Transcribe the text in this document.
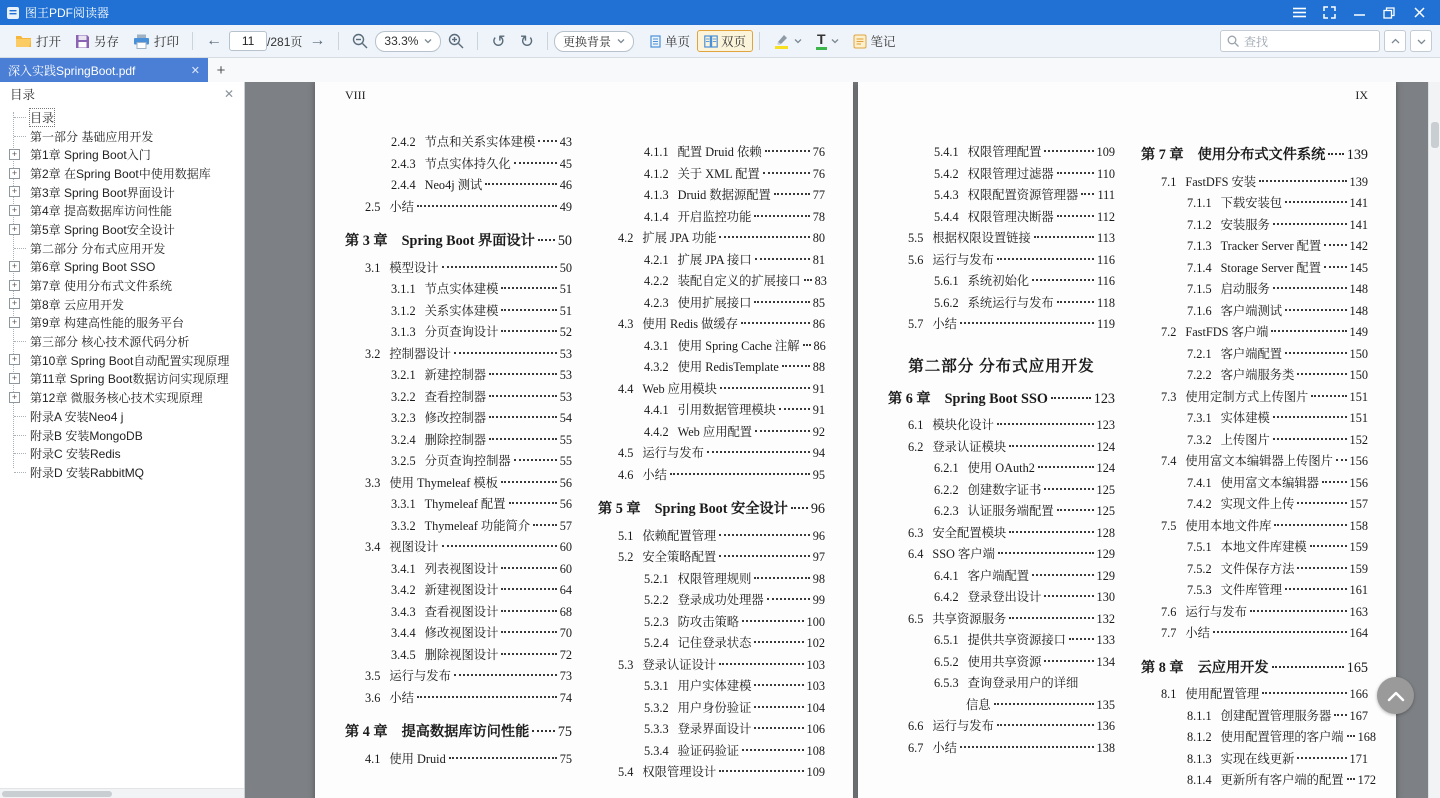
图王PDF阅读器
打开	另存	打印	←
11	/281页 →	33.3%	↺ ↻	更换背景	单页 双页	T	笔记	查找
深入实践SpringBoot.pdf	✕	+
目录	✕
目录
第一部分 基础应用开发
+ 第1章 Spring Boot入门
+ 第2章 在Spring Boot中使用数据库
+ 第3章 Spring Boot界面设计
+ 第4章 提高数据库访问性能
+ 第5章 Spring Boot安全设计
第二部分 分布式应用开发
+ 第6章 Spring Boot SSO
+ 第7章 使用分布式文件系统
+ 第8章 云应用开发
+ 第9章 构建高性能的服务平台
第三部分 核心技术源代码分析
+ 第10章 Spring Boot自动配置实现原理
+ 第11章 Spring Boot数据访问实现原理
+ 第12章 微服务核心技术实现原理
附录A 安装Neo4 j
附录B 安装MongoDB
附录C 安装Redis
附录D 安装RabbitMQ
VIII
2.4.2 节点和关系实体建模 43
2.4.3 节点实体持久化	45
2.4.4 Neo4j 测试	46
2.5 小结	49
第 3 章 Spring Boot 界面设计 50
3.1 模型设计	50
3.1.1 节点实体建模	51
3.1.2 关系实体建模	51
3.1.3 分页查询设计	52
3.2 控制器设计	53
3.2.1 新建控制器	53
3.2.2 查看控制器	53
3.2.3 修改控制器	54
3.2.4 删除控制器	55
3.2.5 分页查询控制器	55
3.3 使用 Thymeleaf 模板	56
3.3.1 Thymeleaf 配置	56
3.3.2 Thymeleaf 功能简介 57
3.4 视图设计	60
3.4.1 列表视图设计	60
3.4.2 新建视图设计	64
3.4.3 查看视图设计	68
3.4.4 修改视图设计	70
3.4.5 删除视图设计	72
3.5 运行与发布	73
3.6 小结	74
第 4 章 提高数据库访问性能 75
4.1 使用 Druid	75
4.1.1 配置 Druid 依赖	76
4.1.2 关于 XML 配置	76
4.1.3 Druid 数据源配置	77
4.1.4 开启监控功能	78
4.2 扩展 JPA 功能	80
4.2.1 扩展 JPA 接口	81
4.2.2 装配自定义的扩展接口 83
4.2.3 使用扩展接口	85
4.3 使用 Redis 做缓存	86
4.3.1 使用 Spring Cache 注解 86
4.3.2 使用 RedisTemplate	88
4.4 Web 应用模块	91
4.4.1 引用数据管理模块	91
4.4.2 Web 应用配置	92
4.5 运行与发布	94
4.6 小结	95
第 5 章 Spring Boot 安全设计 96
5.1 依赖配置管理	96
5.2 安全策略配置	97
5.2.1 权限管理规则	98
5.2.2 登录成功处理器	99
5.2.3 防攻击策略	100
5.2.4 记住登录状态	102
5.3 登录认证设计	103
5.3.1 用户实体建模	103
5.3.2 用户身份验证	104
5.3.3 登录界面设计	106
5.3.4 验证码验证	108
5.4 权限管理设计	109
IX
5.4.1 权限管理配置	109
5.4.2 权限管理过滤器	110
5.4.3 权限配置资源管理器 111
5.4.4 权限管理决断器	112
5.5 根据权限设置链接	113
5.6 运行与发布	116
5.6.1 系统初始化	116
5.6.2 系统运行与发布	118
5.7 小结	119
第二部分 分布式应用开发
第 6 章 Spring Boot SSO	123
6.1 模块化设计	123
6.2 登录认证模块	124
6.2.1 使用 OAuth2	124
6.2.2 创建数字证书	125
6.2.3 认证服务端配置	125
6.3 安全配置模块	128
6.4 SSO 客户端	129
6.4.1 客户端配置	129
6.4.2 登录登出设计	130
6.5 共享资源服务	132
6.5.1 提供共享资源接口 133
6.5.2 使用共享资源	134
6.5.3 查询登录用户的详细
信息	135
6.6 运行与发布	136
6.7 小结	138
第 7 章 使用分布式文件系统 139
7.1 FastDFS 安装	139
7.1.1 下载安装包	141
7.1.2 安装服务	141
7.1.3 Tracker Server 配置 142
7.1.4 Storage Server 配置 145
7.1.5 启动服务	148
7.1.6 客户端测试	148
7.2 FastFDS 客户端	149
7.2.1 客户端配置	150
7.2.2 客户端服务类	150
7.3 使用定制方式上传图片	151
7.3.1 实体建模	151
7.3.2 上传图片	152
7.4 使用富文本编辑器上传图片 156
7.4.1 使用富文本编辑器 156
7.4.2 实现文件上传	157
7.5 使用本地文件库	158
7.5.1 本地文件库建模	159
7.5.2 文件保存方法	159
7.5.3 文件库管理	161
7.6 运行与发布	163
7.7 小结	164
第 8 章 云应用开发	165
8.1 使用配置管理	166
8.1.1 创建配置管理服务器 167
8.1.2 使用配置管理的客户端 168
8.1.3 实现在线更新	171
8.1.4 更新所有客户端的配置 172
